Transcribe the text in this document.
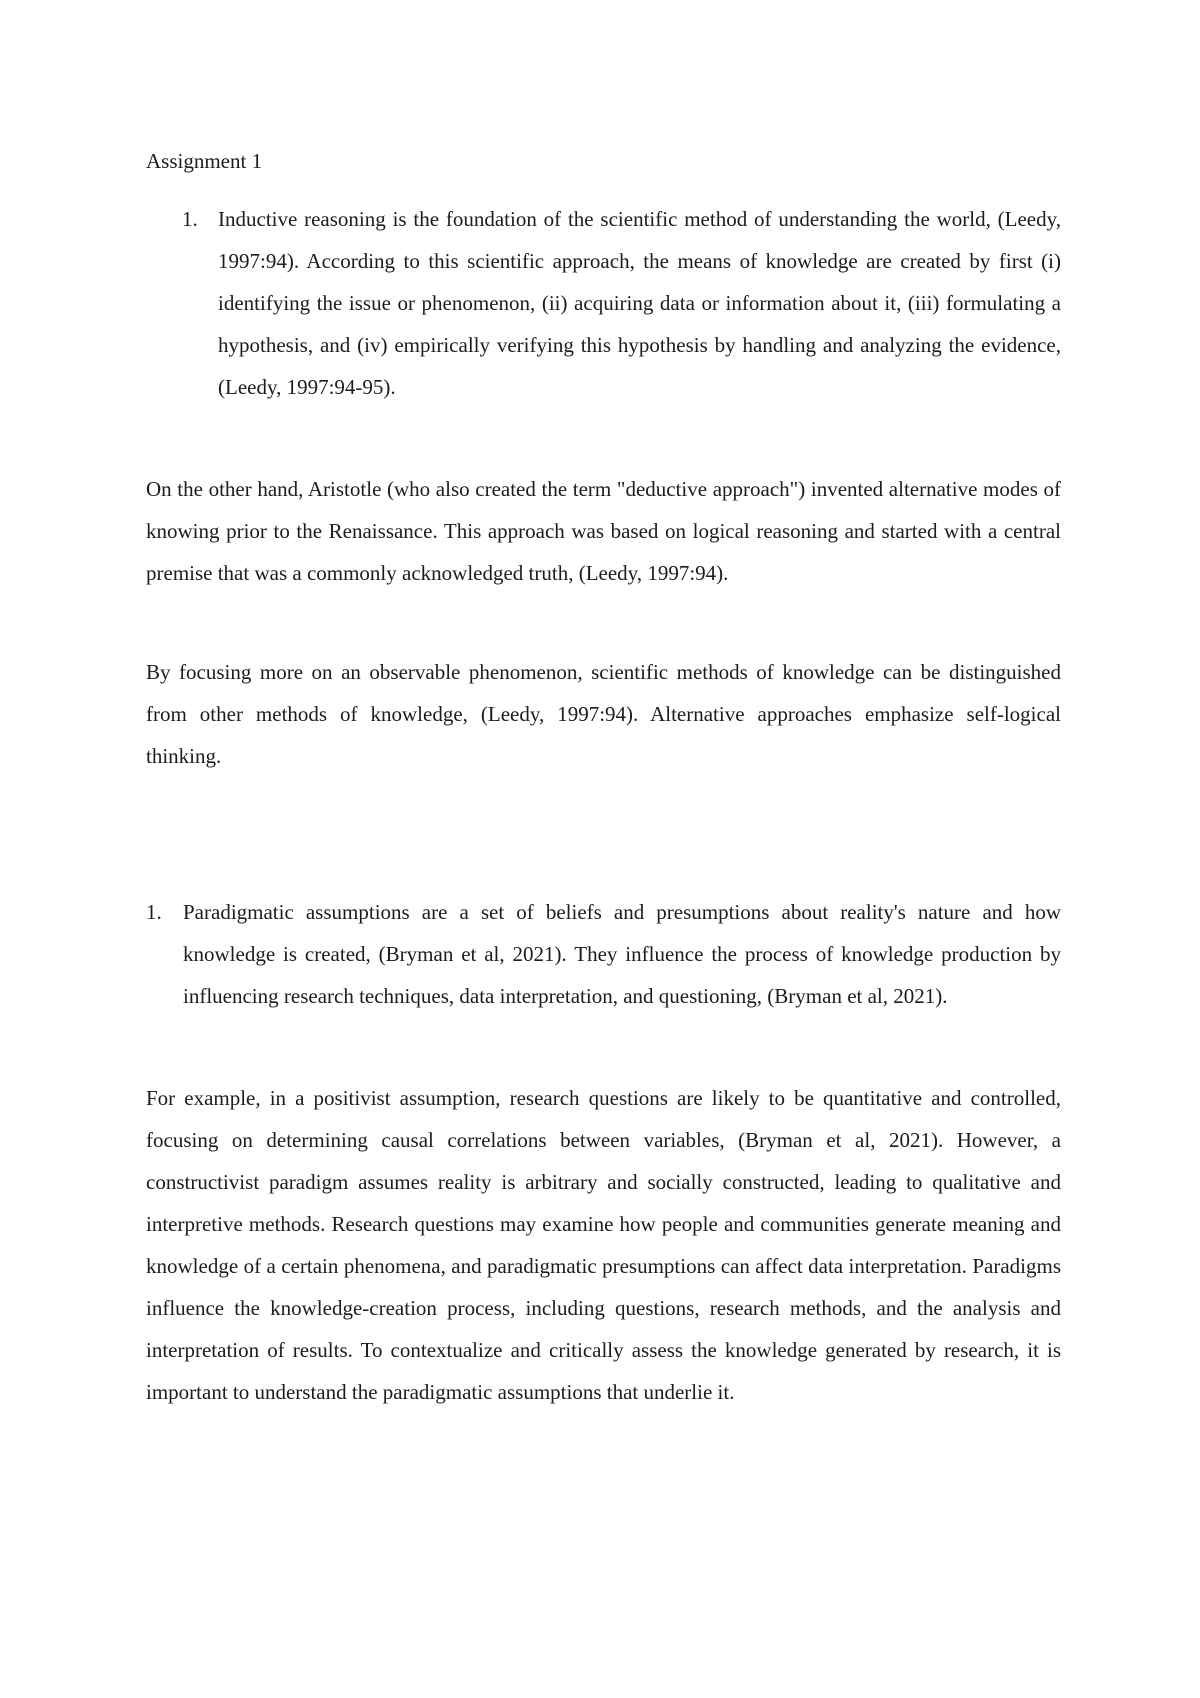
Assignment 1
1. Inductive reasoning is the foundation of the scientific method of understanding the world, (Leedy, 1997:94). According to this scientific approach, the means of knowledge are created by first (i) identifying the issue or phenomenon, (ii) acquiring data or information about it, (iii) formulating a hypothesis, and (iv) empirically verifying this hypothesis by handling and analyzing the evidence, (Leedy, 1997:94-95).
On the other hand, Aristotle (who also created the term "deductive approach") invented alternative modes of knowing prior to the Renaissance. This approach was based on logical reasoning and started with a central premise that was a commonly acknowledged truth, (Leedy, 1997:94).
By focusing more on an observable phenomenon, scientific methods of knowledge can be distinguished from other methods of knowledge, (Leedy, 1997:94). Alternative approaches emphasize self-logical thinking.
1.	Paradigmatic assumptions are a set of beliefs and presumptions about reality's nature and how knowledge is created, (Bryman et al, 2021). They influence the process of knowledge production by influencing research techniques, data interpretation, and questioning, (Bryman et al, 2021).
For example, in a positivist assumption, research questions are likely to be quantitative and controlled, focusing on determining causal correlations between variables, (Bryman et al, 2021). However, a constructivist paradigm assumes reality is arbitrary and socially constructed, leading to qualitative and interpretive methods. Research questions may examine how people and communities generate meaning and knowledge of a certain phenomena, and paradigmatic presumptions can affect data interpretation. Paradigms influence the knowledge-creation process, including questions, research methods, and the analysis and interpretation of results. To contextualize and critically assess the knowledge generated by research, it is important to understand the paradigmatic assumptions that underlie it.
